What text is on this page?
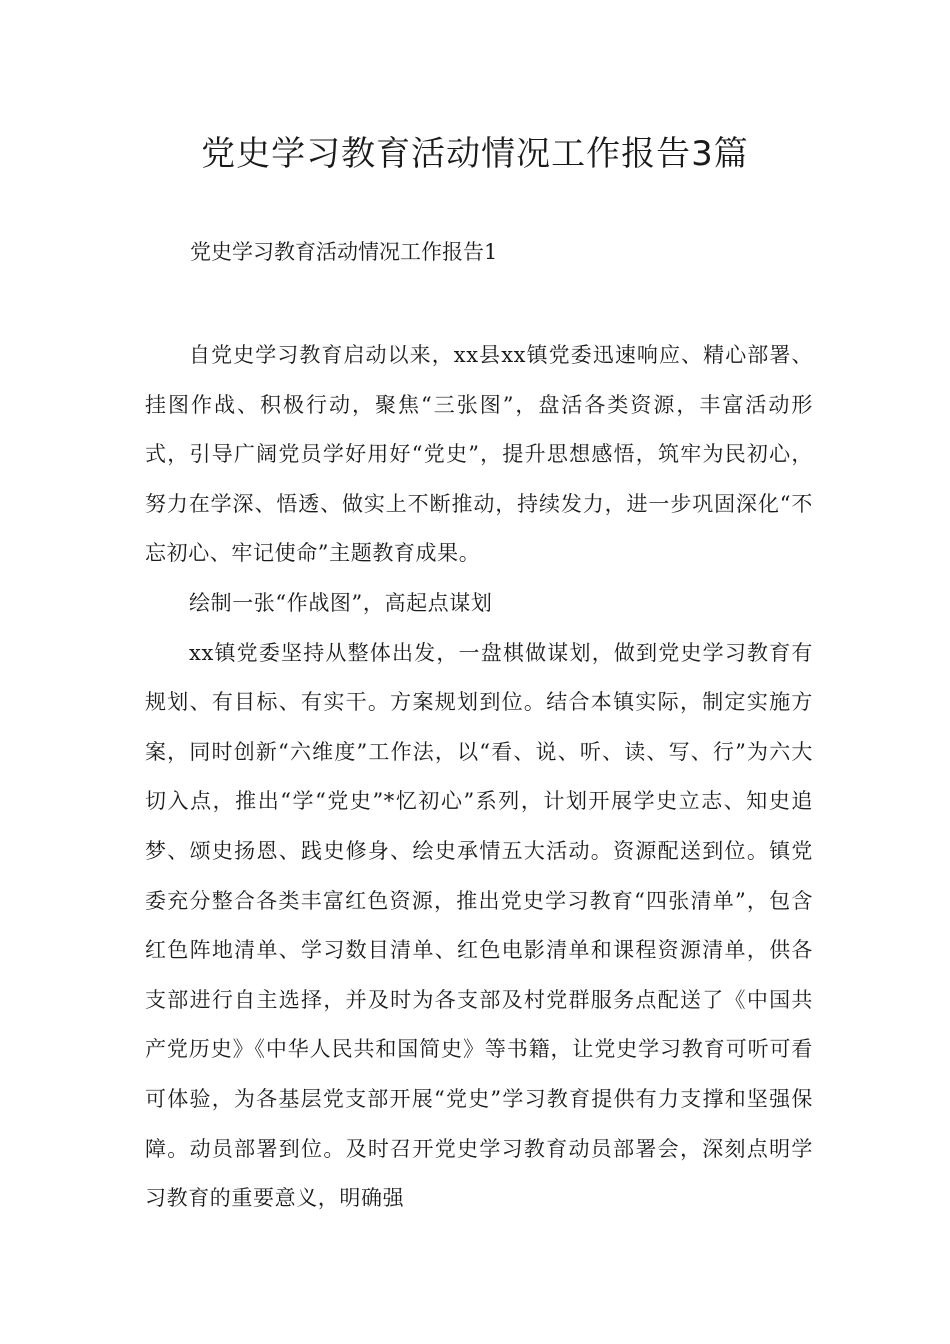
党史学习教育活动情况工作报告3篇
党史学习教育活动情况工作报告1

自党史学习教育启动以来，xx县xx镇党委迅速响应、精心部署、挂图作战、积极行动，聚焦“三张图”，盘活各类资源，丰富活动形式，引导广阔党员学好用好“党史”，提升思想感悟，筑牢为民初心，努力在学深、悟透、做实上不断推动，持续发力，进一步巩固深化“不忘初心、牢记使命”主题教育成果。

绘制一张“作战图”，高起点谋划

xx镇党委坚持从整体出发，一盘棋做谋划，做到党史学习教育有规划、有目标、有实干。方案规划到位。结合本镇实际，制定实施方案，同时创新“六维度”工作法，以“看、说、听、读、写、行”为六大切入点，推出“学“党史”*忆初心”系列，计划开展学史立志、知史追梦、颂史扬恩、践史修身、绘史承情五大活动。资源配送到位。镇党委充分整合各类丰富红色资源，推出党史学习教育“四张清单”，包含红色阵地清单、学习数目清单、红色电影清单和课程资源清单，供各支部进行自主选择，并及时为各支部及村党群服务点配送了《中国共产党历史》《中华人民共和国简史》等书籍，让党史学习教育可听可看可体验，为各基层党支部开展“党史”学习教育提供有力支撑和坚强保障。动员部署到位。及时召开党史学习教育动员部署会，深刻点明学习教育的重要意义，明确强
